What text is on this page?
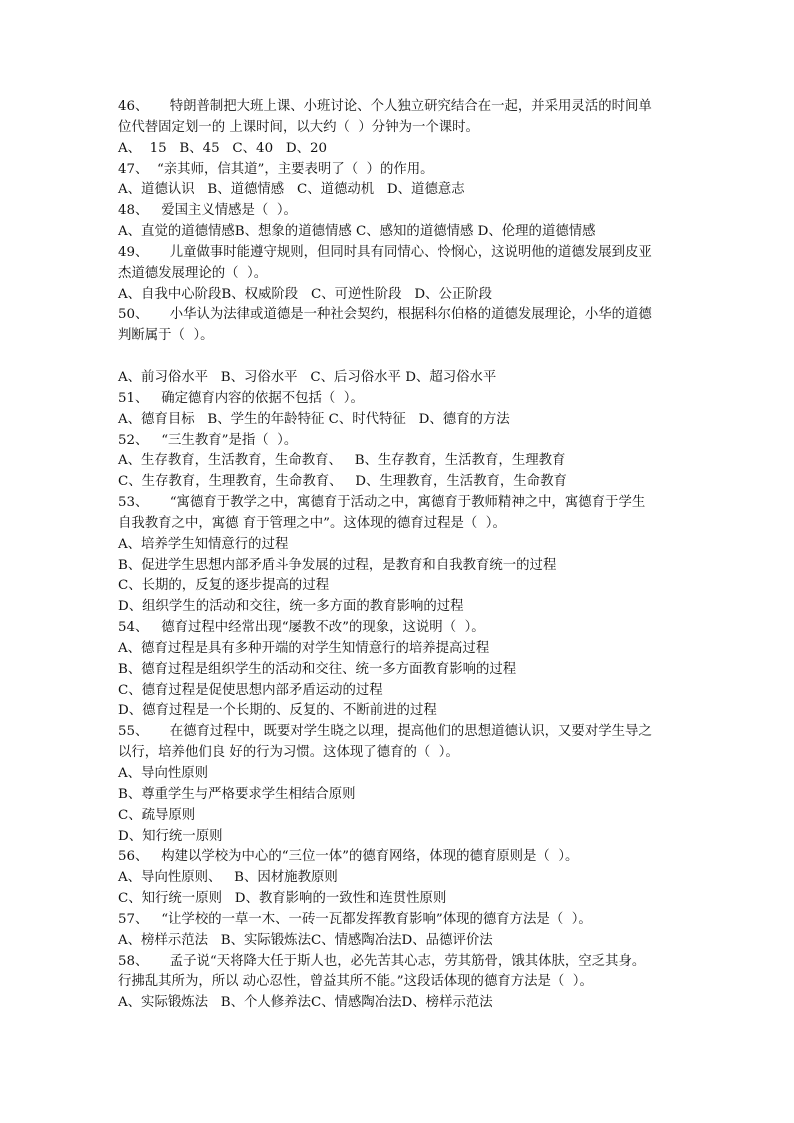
46、     特朗普制把大班上课、小班讨论、个人独立研究结合在一起，并采用灵活的时间单
位代替固定划一的 上课时间，以大约（  ）分钟为一个课时。
A、  15   B、45   C、40   D、20
47、  “亲其师，信其道”，主要表明了（  ）的作用。
A、道德认识   B、道德情感   C、道德动机   D、道德意志
48、   爱国主义情感是（  ）。
A、直觉的道德情感B、想象的道德情感 C、感知的道德情感 D、伦理的道德情感
49、     儿童做事时能遵守规则，但同时具有同情心、怜悯心，这说明他的道德发展到皮亚
杰道德发展理论的（  ）。
A、自我中心阶段B、权威阶段   C、可逆性阶段   D、公正阶段
50、     小华认为法律或道德是一种社会契约，根据科尔伯格的道德发展理论，小华的道德
判断属于（  ）。
A、前习俗水平   B、习俗水平   C、后习俗水平 D、超习俗水平
51、   确定德育内容的依据不包括（  ）。
A、德育目标   B、学生的年龄特征 C、时代特征   D、德育的方法
52、   “三生教育”是指（  ）。
A、生存教育，生活教育，生命教育、   B、生存教育，生活教育，生理教育
C、生存教育，生理教育，生命教育、   D、生理教育，生活教育，生命教育
53、     “寓德育于教学之中，寓德育于活动之中，寓德育于教师精神之中，寓德育于学生
自我教育之中，寓德 育于管理之中”。这体现的德育过程是（  ）。
A、培养学生知情意行的过程
B、促进学生思想内部矛盾斗争发展的过程，是教育和自我教育统一的过程
C、长期的，反复的逐步提高的过程
D、组织学生的活动和交往，统一多方面的教育影响的过程
54、   德育过程中经常出现“屡教不改”的现象，这说明（  ）。
A、德育过程是具有多种开端的对学生知情意行的培养提高过程
B、德育过程是组织学生的活动和交往、统一多方面教育影响的过程
C、德育过程是促使思想内部矛盾运动的过程
D、德育过程是一个长期的、反复的、不断前进的过程
55、     在德育过程中，既要对学生晓之以理，提高他们的思想道德认识，又要对学生导之
以行，培养他们良 好的行为习惯。这体现了德育的（  ）。
A、导向性原则
B、尊重学生与严格要求学生相结合原则
C、疏导原则
D、知行统一原则
56、   构建以学校为中心的“三位一体”的德育网络，体现的德育原则是（  ）。
A、导向性原则、   B、因材施教原则
C、知行统一原则   D、教育影响的一致性和连贯性原则
57、   “让学校的一草一木、一砖一瓦都发挥教育影响”体现的德育方法是（  ）。
A、榜样示范法   B、实际锻炼法C、情感陶冶法D、品德评价法
58、     孟子说“天将降大任于斯人也，必先苦其心志，劳其筋骨，饿其体肤，空乏其身。
行拂乱其所为，所以 动心忍性，曾益其所不能。”这段话体现的德育方法是（  ）。
A、实际锻炼法   B、个人修养法C、情感陶冶法D、榜样示范法
